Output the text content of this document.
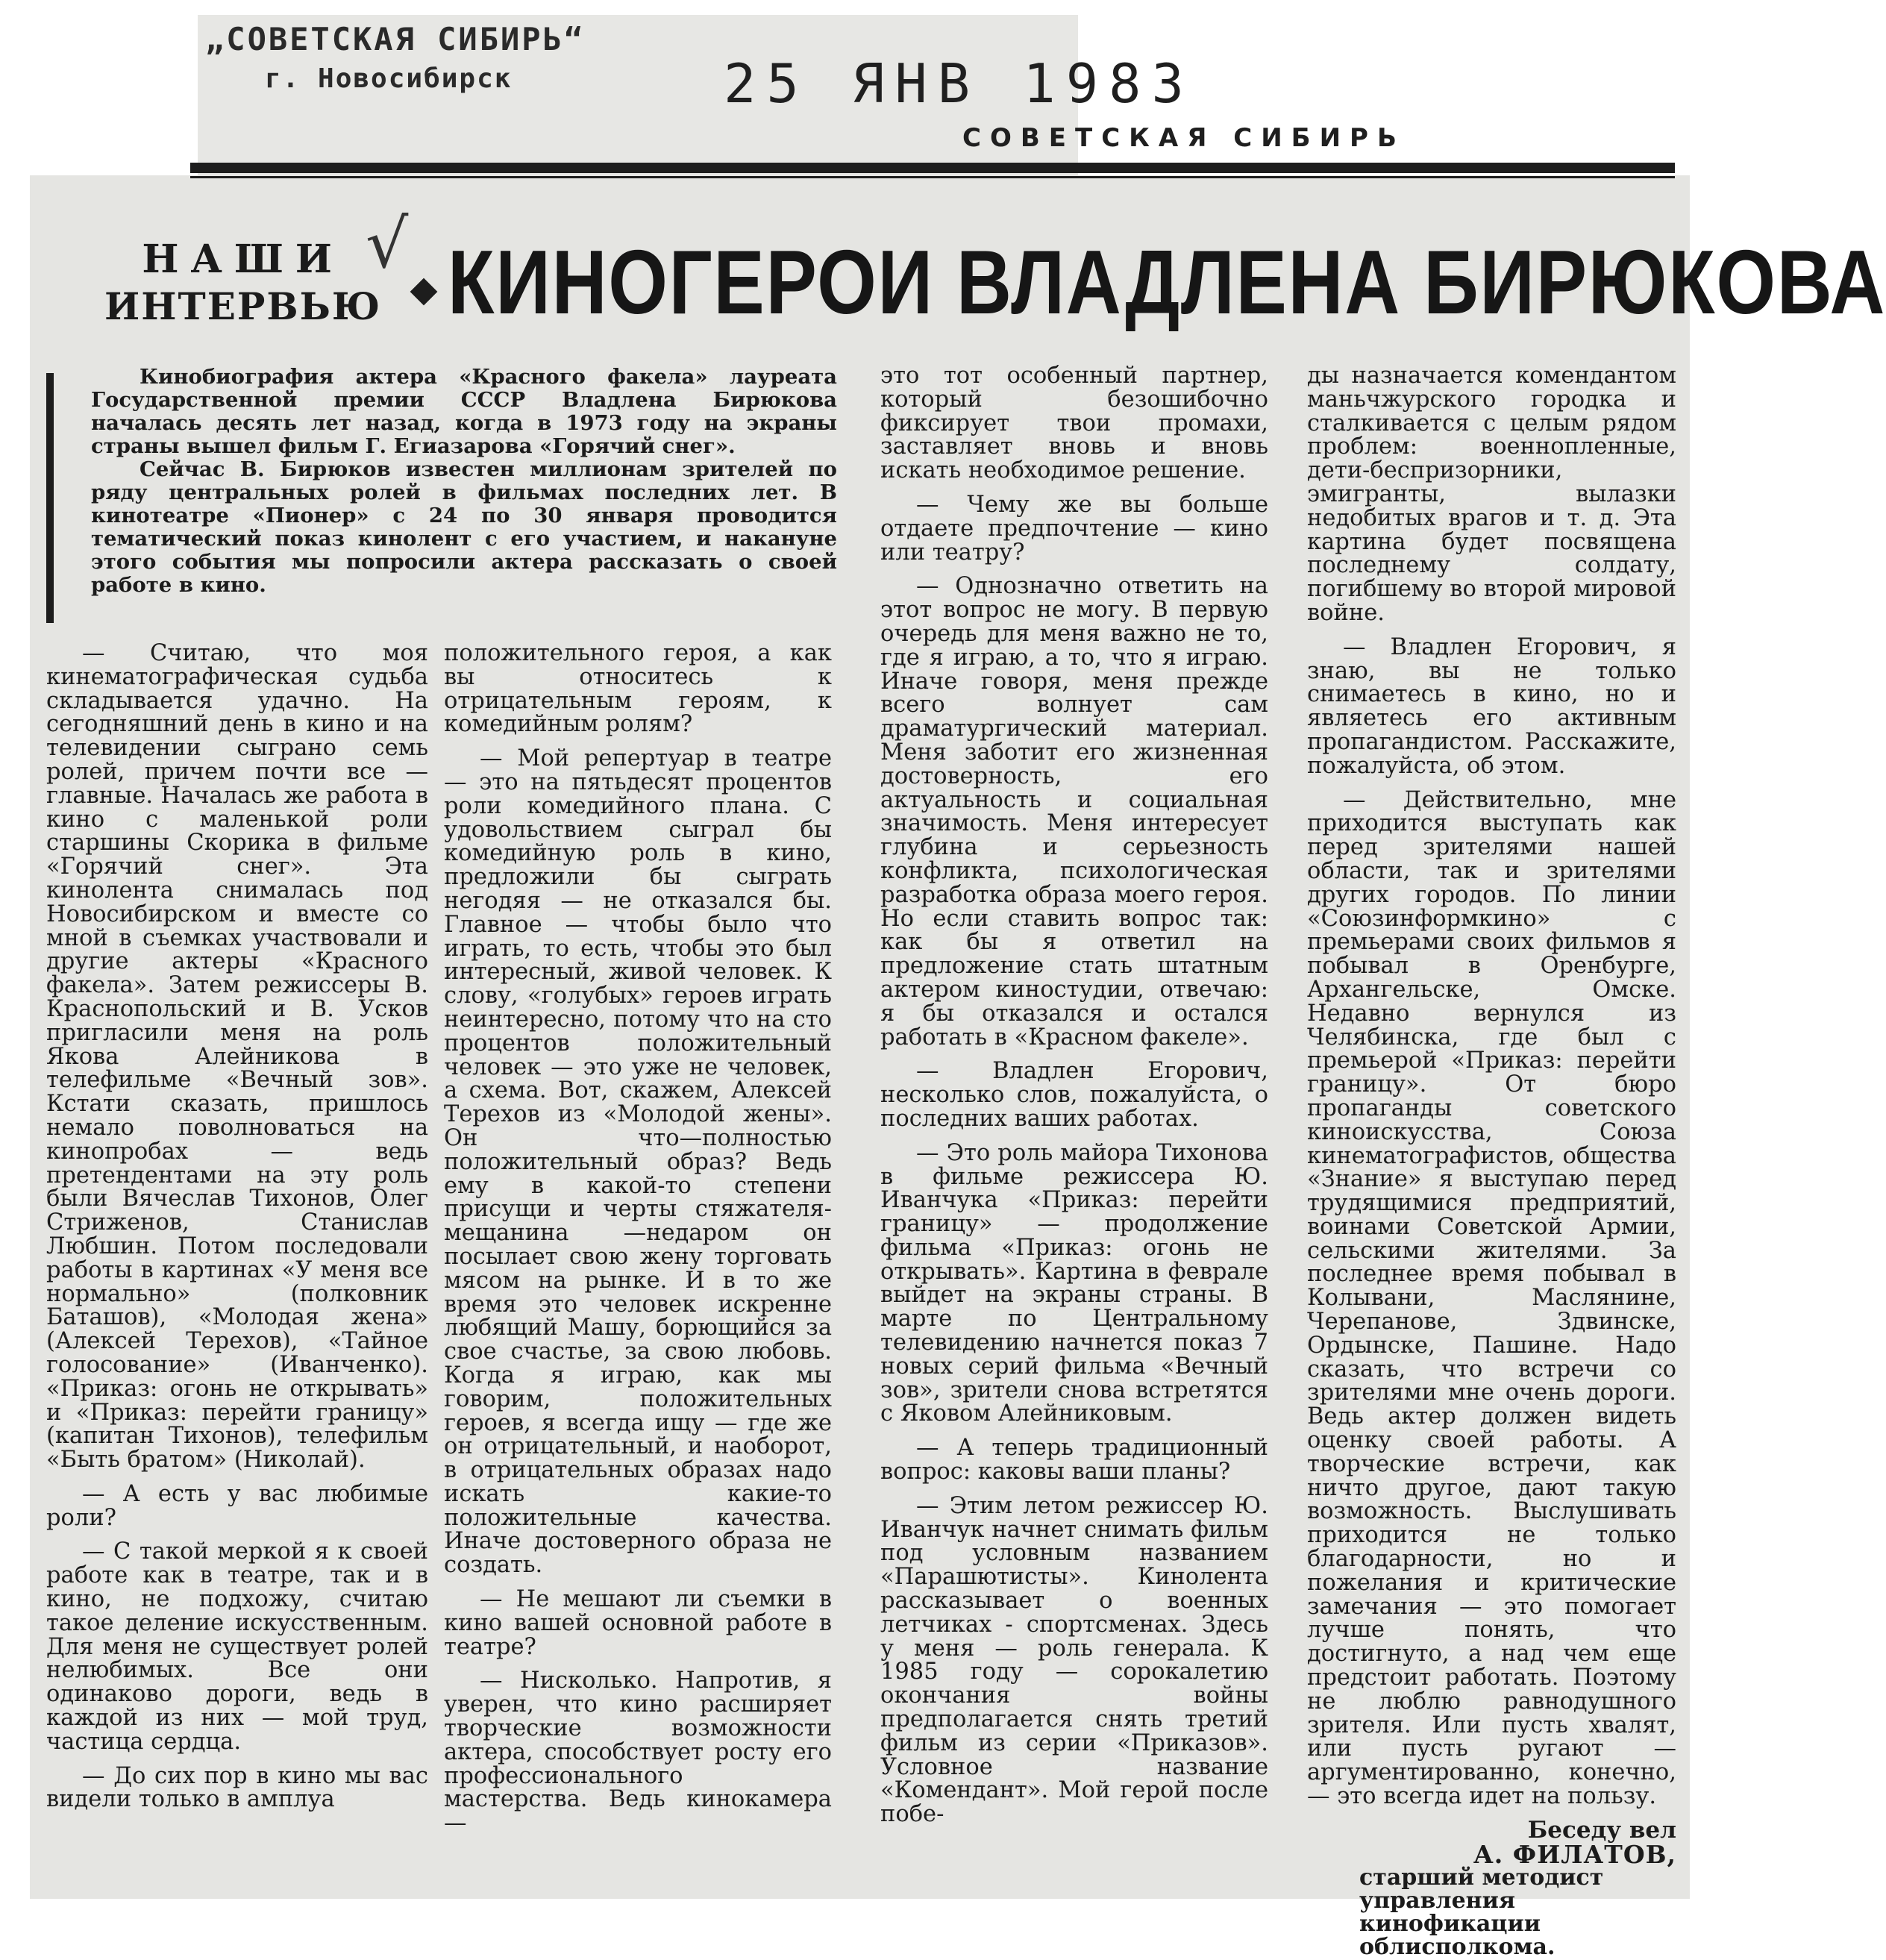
„СОВЕТСКАЯ СИБИРЬ“
г. Новосибирск	25 ЯНВ 1983
СОВЕТСКАЯ СИБИРЬ
НАШИ
ИНТЕРВЬЮ
√ КИНОГЕРОИ ВЛАДЛЕНА БИРЮКОВА

Кинобиография актера «Красного факела» лауреата Государственной премии СССР Владлена Бирюкова началась десять лет назад, когда в 1973 году на экраны страны вышел фильм Г. Егиазарова «Горячий снег».

Сейчас В. Бирюков известен миллионам зрителей по ряду центральных ролей в фильмах последних лет. В кинотеатре «Пионер» с 24 по 30 января проводится тематический показ кинолент с его участием, и накануне этого события мы попросили актера рассказать о своей работе в кино.

— Считаю, что моя кинематографическая судьба складывается удачно. На сегодняшний день в кино и на телевидении сыграно семь ролей, причем почти все — главные. Началась же работа в кино с маленькой роли старшины Скорика в фильме «Горячий снег». Эта кинолента снималась под Новосибирском и вместе со мной в съемках участвовали и другие актеры «Красного факела». Затем режиссеры В. Краснопольский и В. Усков пригласили меня на роль Якова Алейникова в телефильме «Вечный зов». Кстати сказать, пришлось немало поволноваться на кинопробах — ведь претендентами на эту роль были Вячеслав Тихонов, Олег Стриженов, Станислав Любшин. Потом последовали работы в картинах «У меня все нормально» (полковник Баташов), «Молодая жена» (Алексей Терехов), «Тайное голосование» (Иванченко). «Приказ: огонь не открывать» и «Приказ: перейти границу» (капитан Тихонов), телефильм «Быть братом» (Николай).

— А есть у вас любимые роли?

— С такой меркой я к своей работе как в театре, так и в кино, не подхожу, считаю такое деление искусственным. Для меня не существует ролей нелюбимых. Все они одинаково дороги, ведь в каждой из них — мой труд, частица сердца.

— До сих пор в кино мы вас видели только в амплуа

положительного героя, а как вы относитесь к отрицательным героям, к комедийным ролям?

— Мой репертуар в театре — это на пятьдесят процентов роли комедийного плана. С удовольствием сыграл бы комедийную роль в кино, предложили бы сыграть негодяя — не отказался бы. Главное — чтобы было что играть, то есть, чтобы это был интересный, живой человек. К слову, «голубых» героев играть неинтересно, потому что на сто процентов положительный человек — это уже не человек, а схема. Вот, скажем, Алексей Терехов из «Молодой жены». Он что—полностью положительный образ? Ведь ему в какой-то степени присущи и черты стяжателя-мещанина —недаром он посылает свою жену торговать мясом на рынке. И в то же время это человек искренне любящий Машу, борющийся за свое счастье, за свою любовь. Когда я играю, как мы говорим, положительных героев, я всегда ищу — где же он отрицательный, и наоборот, в отрицательных образах надо искать какие-то положительные качества. Иначе достоверного образа не создать.

— Не мешают ли съемки в кино вашей основной работе в театре?

— Нисколько. Напротив, я уверен, что кино расширяет творческие возможности актера, способствует росту его профессионального мастерства. Ведь кинокамера —

это тот особенный партнер, который безошибочно фиксирует твои промахи, заставляет вновь и вновь искать необходимое решение.

— Чему же вы больше отдаете предпочтение — кино или театру?

— Однозначно ответить на этот вопрос не могу. В первую очередь для меня важно не то, где я играю, а то, что я играю. Иначе говоря, меня прежде всего волнует сам драматургический материал. Меня заботит его жизненная достоверность, его актуальность и социальная значимость. Меня интересует глубина и серьезность конфликта, психологическая разработка образа моего героя. Но если ставить вопрос так: как бы я ответил на предложение стать штатным актером киностудии, отвечаю: я бы отказался и остался работать в «Красном факеле».

— Владлен Егорович, несколько слов, пожалуйста, о последних ваших работах.

— Это роль майора Тихонова в фильме режиссера Ю. Иванчука «Приказ: перейти границу» — продолжение фильма «Приказ: огонь не открывать». Картина в феврале выйдет на экраны страны. В марте по Центральному телевидению начнется показ 7 новых серий фильма «Вечный зов», зрители снова встретятся с Яковом Алейниковым.

— А теперь традиционный вопрос: каковы ваши планы?

— Этим летом режиссер Ю. Иванчук начнет снимать фильм под условным названием «Парашютисты». Кинолента рассказывает о военных летчиках - спортсменах. Здесь у меня — роль генерала. К 1985 году — сорокалетию окончания войны предполагается снять третий фильм из серии «Приказов». Условное название «Комендант». Мой герой после побе-

ды назначается комендантом маньчжурского городка и сталкивается с целым рядом проблем: военнопленные, дети-беспризорники, эмигранты, вылазки недобитых врагов и т. д. Эта картина будет посвящена последнему солдату, погибшему во второй мировой войне.

— Владлен Егорович, я знаю, вы не только снимаетесь в кино, но и являетесь его активным пропагандистом. Расскажите, пожалуйста, об этом.

— Действительно, мне приходится выступать как перед зрителями нашей области, так и зрителями других городов. По линии «Союзинформкино» с премьерами своих фильмов я побывал в Оренбурге, Архангельске, Омске. Недавно вернулся из Челябинска, где был с премьерой «Приказ: перейти границу». От бюро пропаганды советского киноискусства, Союза кинематографистов, общества «Знание» я выступаю перед трудящимися предприятий, воинами Советской Армии, сельскими жителями. За последнее время побывал в Колывани, Маслянине, Черепанове, Здвинске, Ордынске, Пашине. Надо сказать, что встречи со зрителями мне очень дороги. Ведь актер должен видеть оценку своей работы. А творческие встречи, как ничто другое, дают такую возможность. Выслушивать приходится не только благодарности, но и пожелания и критические замечания — это помогает лучше понять, что достигнуто, а над чем еще предстоит работать. Поэтому не люблю равнодушного зрителя. Или пусть хвалят, или пусть ругают — аргументированно, конечно, — это всегда идет на пользу.

Беседу вел
А. ФИЛАТОВ,
старший методист управления кинофикации облисполкома.
